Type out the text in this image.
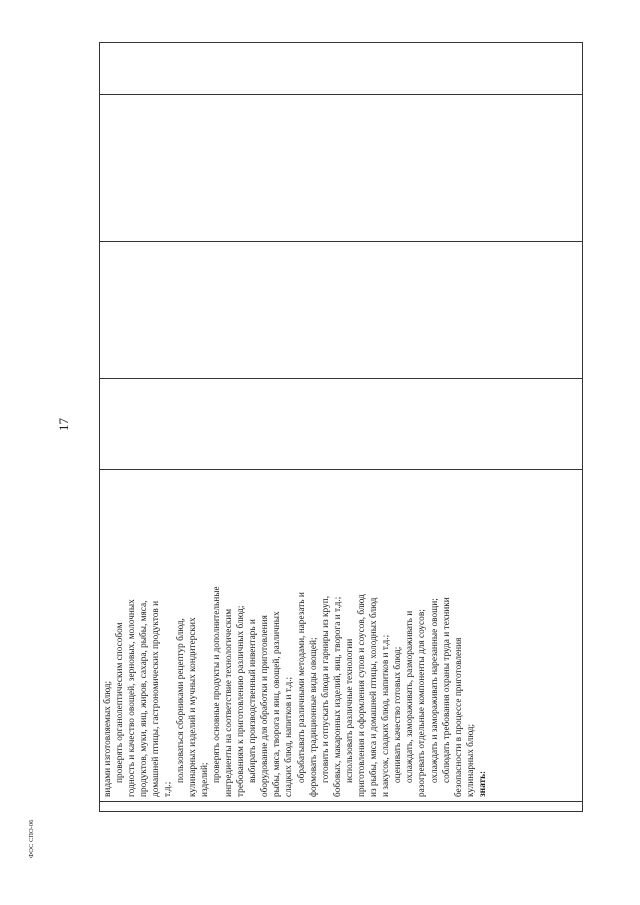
17

видами изготовляемых блюд; проверять органолептическим способом годность и качество овощей, зерновых, молочных продуктов, муки, яиц, жиров, сахара, рыбы, мяса, домашней птицы, гастрономических продуктов и т.д.;
пользоваться сборниками рецептур блюд, кулинарных изделий и мучных кондитерских изделий; проверять основные продукты и дополнительные ингредиенты на соответствие технологическим требованиям к приготовлению различных блюд; выбирать производственный инвентарь и оборудование для обработки и приготовления рыбы, мяса, творога и яиц, овощей, различных сладких блюд, напитков и т.д.; обрабатывать различными методами, нарезать и формовать традиционные виды овощей; готовить и отпускать блюда и гарниры из круп, бобовых, макаронных изделий, яиц, творога и т.д.; использовать различные технологии приготовления и оформления супов и соусов, блюд из рыбы, мяса и домашней птицы, холодных блюд и закусок, сладких блюд, напитков и т.д.; оценивать качество готовых блюд; охлаждать, замораживать, размораживать и разогревать отдельные компоненты для соусов; охлаждать и замораживать нарезанные овощи; соблюдать требования охраны труда и техники безопасности в процессе приготовления кулинарных блюд; знать:

ФОС СПО-06
